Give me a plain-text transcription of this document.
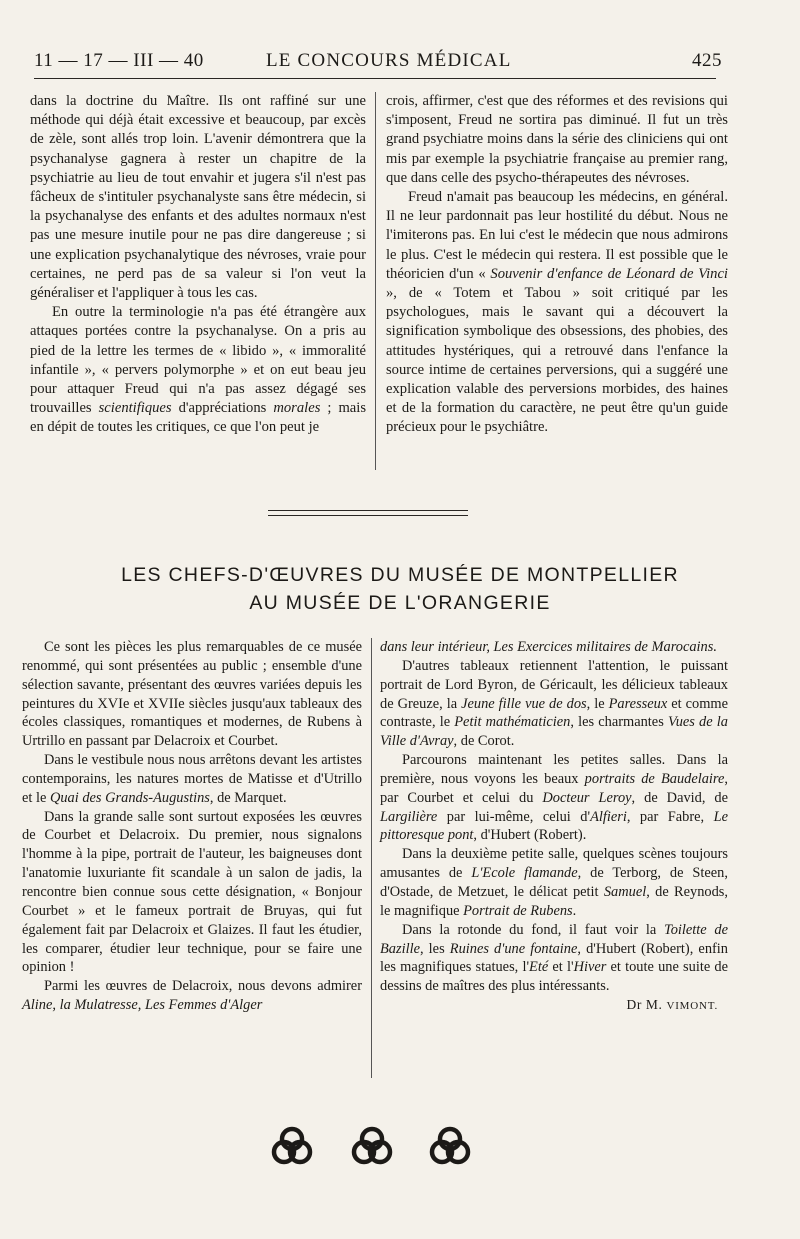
11 — 17 — III — 40	LE CONCOURS MÉDICAL	425

dans la doctrine du Maître. Ils ont raffiné sur une méthode qui déjà était excessive et beaucoup, par excès de zèle, sont allés trop loin. L'avenir démontrera que la psychanalyse gagnera à rester un chapitre de la psychiatrie au lieu de tout envahir et jugera s'il n'est pas fâcheux de s'intituler psychanalyste sans être médecin, si la psychanalyse des enfants et des adultes normaux n'est pas une mesure inutile pour ne pas dire dangereuse ; si une explication psychanalytique des névroses, vraie pour certaines, ne perd pas de sa valeur si l'on veut la généraliser et l'appliquer à tous les cas.

En outre la terminologie n'a pas été étrangère aux attaques portées contre la psychanalyse. On a pris au pied de la lettre les termes de « libido », « immoralité infantile », « pervers polymorphe » et on eut beau jeu pour attaquer Freud qui n'a pas assez dégagé ses trouvailles scientifiques d'appréciations morales ; mais en dépit de toutes les critiques, ce que l'on peut je

crois, affirmer, c'est que des réformes et des revisions qui s'imposent, Freud ne sortira pas diminué. Il fut un très grand psychiatre moins dans la série des cliniciens qui ont mis par exemple la psychiatrie française au premier rang, que dans celle des psycho-thérapeutes des névroses.

Freud n'amait pas beaucoup les médecins, en général. Il ne leur pardonnait pas leur hostilité du début. Nous ne l'imiterons pas. En lui c'est le médecin que nous admirons le plus. C'est le médecin qui restera. Il est possible que le théoricien d'un « Souvenir d'enfance de Léonard de Vinci », de « Totem et Tabou » soit critiqué par les psychologues, mais le savant qui a découvert la signification symbolique des obsessions, des phobies, des attitudes hystériques, qui a retrouvé dans l'enfance la source intime de certaines perversions, qui a suggéré une explication valable des perversions morbides, des haines et de la formation du caractère, ne peut être qu'un guide précieux pour le psychiâtre.

LES CHEFS-D'ŒUVRES DU MUSÉE DE MONTPELLIER
AU MUSÉE DE L'ORANGERIE

Ce sont les pièces les plus remarquables de ce musée renommé, qui sont présentées au public ; ensemble d'une sélection savante, présentant des œuvres variées depuis les peintures du XVIe et XVIIe siècles jusqu'aux tableaux des écoles classiques, romantiques et modernes, de Rubens à Urtrillo en passant par Delacroix et Courbet.

Dans le vestibule nous nous arrêtons devant les artistes contemporains, les natures mortes de Matisse et d'Utrillo et le Quai des Grands-Augustins, de Marquet.

Dans la grande salle sont surtout exposées les œuvres de Courbet et Delacroix. Du premier, nous signalons l'homme à la pipe, portrait de l'auteur, les baigneuses dont l'anatomie luxuriante fit scandale à un salon de jadis, la rencontre bien connue sous cette désignation, « Bonjour Courbet » et le fameux portrait de Bruyas, qui fut également fait par Delacroix et Glaizes. Il faut les étudier, les comparer, étudier leur technique, pour se faire une opinion !

Parmi les œuvres de Delacroix, nous devons admirer Aline, la Mulatresse, Les Femmes d'Alger

dans leur intérieur, Les Exercices militaires de Marocains.

D'autres tableaux retiennent l'attention, le puissant portrait de Lord Byron, de Géricault, les délicieux tableaux de Greuze, la Jeune fille vue de dos, le Paresseux et comme contraste, le Petit mathématicien, les charmantes Vues de la Ville d'Avray, de Corot.

Parcourons maintenant les petites salles. Dans la première, nous voyons les beaux portraits de Baudelaire, par Courbet et celui du Docteur Leroy, de David, de Largilière par lui-même, celui d'Alfieri, par Fabre, Le pittoresque pont, d'Hubert (Robert).

Dans la deuxième petite salle, quelques scènes toujours amusantes de L'Ecole flamande, de Terborg, de Steen, d'Ostade, de Metzuet, le délicat petit Samuel, de Reynods, le magnifique Portrait de Rubens.

Dans la rotonde du fond, il faut voir la Toilette de Bazille, les Ruines d'une fontaine, d'Hubert (Robert), enfin les magnifiques statues, l'Eté et l'Hiver et toute une suite de dessins de maîtres des plus intéressants.

Dr M. VIMONT.
